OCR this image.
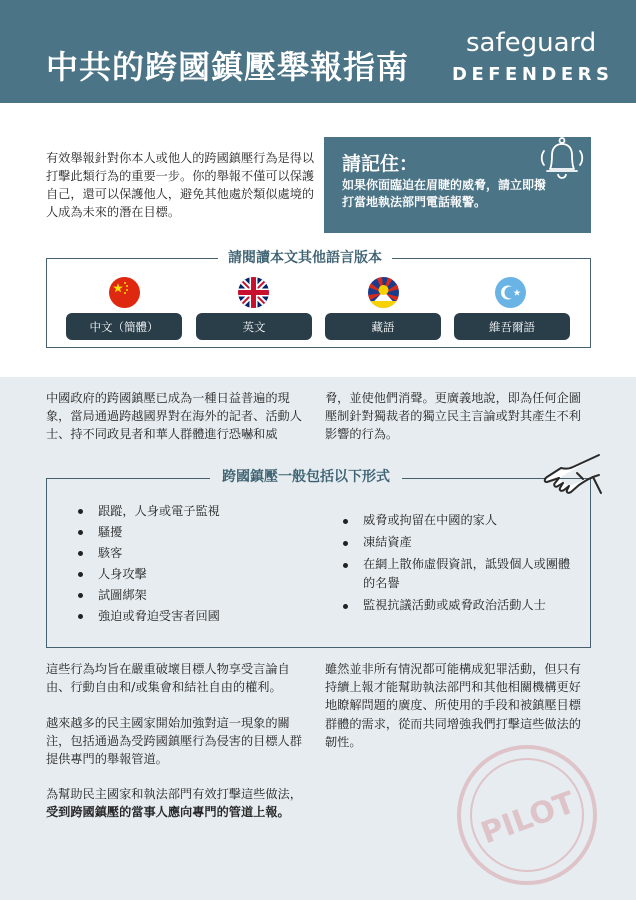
中共的跨國鎮壓舉報指南
safeguard
DEFENDERS

有效舉報針對你本人或他人的跨國鎮壓行為是得以打擊此類行為的重要一步。你的舉報不僅可以保護自己，還可以保護他人，避免其他處於類似處境的人成為未來的潛在目標。

請記住：
如果你面臨迫在眉睫的威脅，請立即撥打當地執法部門電話報警。
請閱讀本文其他語言版本
中文（簡體）	英文	藏語	維吾爾語

中國政府的跨國鎮壓已成為一種日益普遍的現象，當局通過跨越國界對在海外的記者、活動人士、持不同政見者和華人群體進行恐嚇和威

脅，並使他們消聲。更廣義地說，即為任何企圖壓制針對獨裁者的獨立民主言論或對其產生不利影響的行為。

跨國鎮壓一般包括以下形式
跟蹤，人身或電子監視
騷擾
駭客
人身攻擊
試圖綁架
強迫或脅迫受害者回國
威脅或拘留在中國的家人
凍結資產
在網上散佈虛假資訊，詆毀個人或團體的名譽
監視抗議活動或威脅政治活動人士

這些行為均旨在嚴重破壞目標人物享受言論自由、行動自由和/或集會和結社自由的權利。

越來越多的民主國家開始加強對這一現象的關注，包括通過為受跨國鎮壓行為侵害的目標人群提供專門的舉報管道。

為幫助民主國家和執法部門有效打擊這些做法，
受到跨國鎮壓的當事人應向專門的管道上報。

雖然並非所有情況都可能構成犯罪活動，但只有持續上報才能幫助執法部門和其他相關機構更好地瞭解問題的廣度、所使用的手段和被鎮壓目標群體的需求，從而共同增強我們打擊這些做法的韌性。

PILOT
